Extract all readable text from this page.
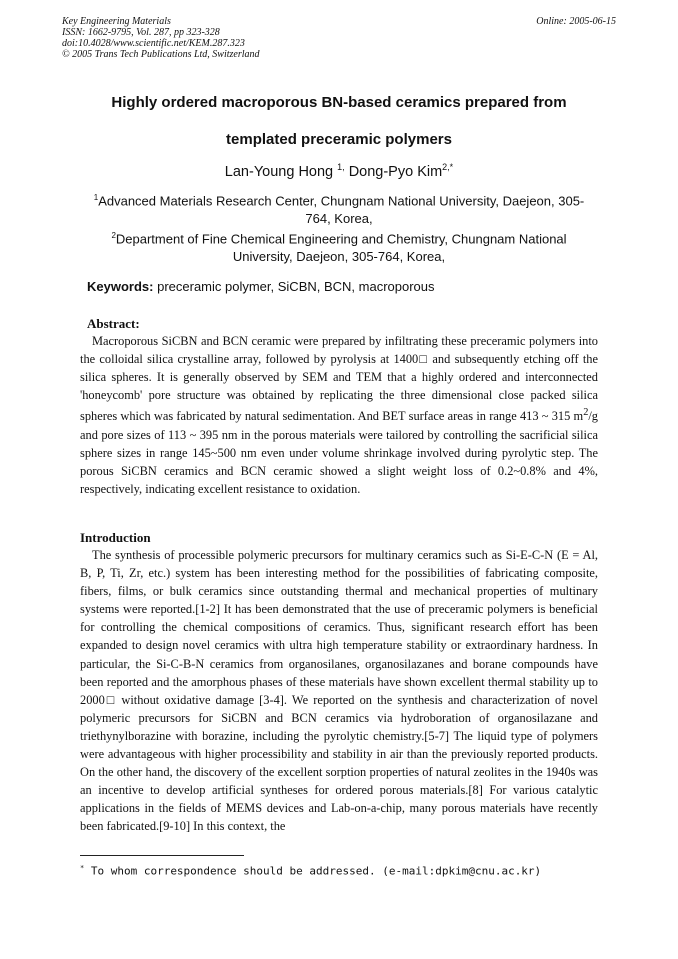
Key Engineering Materials
ISSN: 1662-9795, Vol. 287, pp 323-328
doi:10.4028/www.scientific.net/KEM.287.323
© 2005 Trans Tech Publications Ltd, Switzerland
Online: 2005-06-15
Highly ordered macroporous BN-based ceramics prepared from
templated preceramic polymers
Lan-Young Hong $^{1,}$ Dong-Pyo Kim$^{2,*}$
$^1$Advanced Materials Research Center, Chungnam National University, Daejeon, 305-764, Korea,
$^2$Department of Fine Chemical Engineering and Chemistry, Chungnam National University, Daejeon, 305-764, Korea,
Keywords: preceramic polymer, SiCBN, BCN, macroporous
Abstract:
Macroporous SiCBN and BCN ceramic were prepared by infiltrating these preceramic polymers into the colloidal silica crystalline array, followed by pyrolysis at 1400□ and subsequently etching off the silica spheres. It is generally observed by SEM and TEM that a highly ordered and interconnected 'honeycomb' pore structure was obtained by replicating the three dimensional close packed silica spheres which was fabricated by natural sedimentation. And BET surface areas in range 413 ~ 315 $m^2/g$ and pore sizes of 113 ~ 395 nm in the porous materials were tailored by controlling the sacrificial silica sphere sizes in range 145~500 nm even under volume shrinkage involved during pyrolytic step. The porous SiCBN ceramics and BCN ceramic showed a slight weight loss of 0.2~0.8% and 4%, respectively, indicating excellent resistance to oxidation.
Introduction
The synthesis of processible polymeric precursors for multinary ceramics such as Si-E-C-N (E = Al, B, P, Ti, Zr, etc.) system has been interesting method for the possibilities of fabricating composite, fibers, films, or bulk ceramics since outstanding thermal and mechanical properties of multinary systems were reported.[1-2] It has been demonstrated that the use of preceramic polymers is beneficial for controlling the chemical compositions of ceramics. Thus, significant research effort has been expanded to design novel ceramics with ultra high temperature stability or extraordinary hardness. In particular, the Si-C-B-N ceramics from organosilanes, organosilazanes and borane compounds have been reported and the amorphous phases of these materials have shown excellent thermal stability up to 2000□ without oxidative damage [3-4]. We reported on the synthesis and characterization of novel polymeric precursors for SiCBN and BCN ceramics via hydroboration of organosilazane and triethynylborazine with borazine, including the pyrolytic chemistry.[5-7] The liquid type of polymers were advantageous with higher processibility and stability in air than the previously reported products. On the other hand, the discovery of the excellent sorption properties of natural zeolites in the 1940s was an incentive to develop artificial syntheses for ordered porous materials.[8] For various catalytic applications in the fields of MEMS devices and Lab-on-a-chip, many porous materials have recently been fabricated.[9-10] In this context, the
* To whom correspondence should be addressed. (e-mail:dpkim@cnu.ac.kr)
